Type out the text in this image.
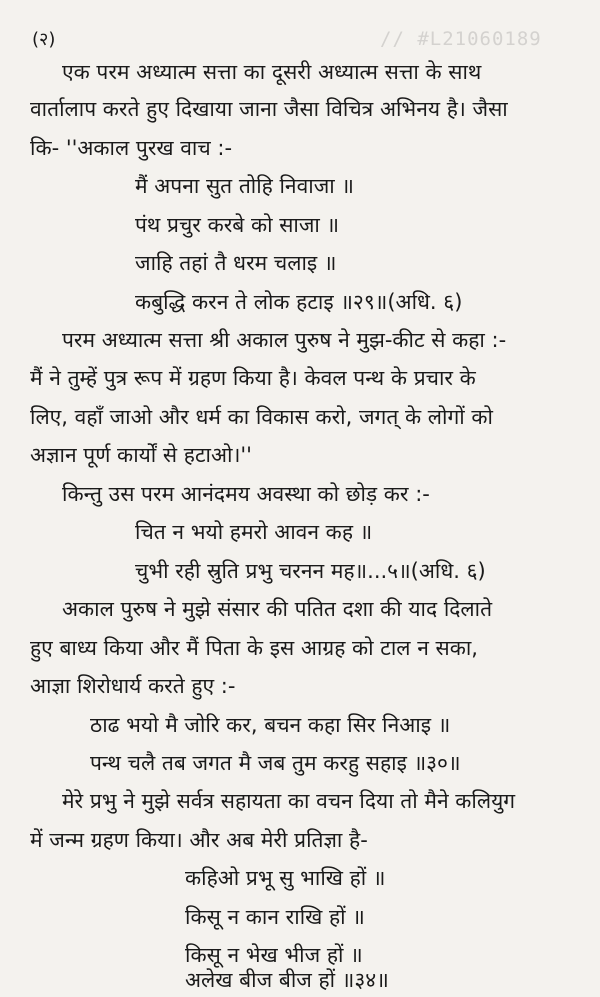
(२)	// #L21060189
एक परम अध्यात्म सत्ता का दूसरी अध्यात्म सत्ता के साथ
वार्तालाप करते हुए दिखाया जाना जैसा विचित्र अभिनय है। जैसा
कि- ''अकाल पुरख वाच :-
मैं अपना सुत तोहि निवाजा ॥
पंथ प्रचुर करबे को साजा ॥
जाहि तहां तै धरम चलाइ ॥
कबुद्धि करन ते लोक हटाइ ॥२९॥(अधि. ६)
परम अध्यात्म सत्ता श्री अकाल पुरुष ने मुझ-कीट से कहा :-
मैं ने तुम्हें पुत्र रूप में ग्रहण किया है। केवल पन्थ के प्रचार के
लिए, वहाँ जाओ और धर्म का विकास करो, जगत् के लोगों को
अज्ञान पूर्ण कार्यों से हटाओ।''
किन्तु उस परम आनंदमय अवस्था को छोड़ कर :-
चित न भयो हमरो आवन कह ॥
चुभी रही स्रुति प्रभु चरनन मह॥...५॥(अधि. ६)
अकाल पुरुष ने मुझे संसार की पतित दशा की याद दिलाते
हुए बाध्य किया और मैं पिता के इस आग्रह को टाल न सका,
आज्ञा शिरोधार्य करते हुए :-
ठाढ भयो मै जोरि कर, बचन कहा सिर निआइ ॥
पन्थ चलै तब जगत मै जब तुम करहु सहाइ ॥३०॥
मेरे प्रभु ने मुझे सर्वत्र सहायता का वचन दिया तो मैने कलियुग
में जन्म ग्रहण किया। और अब मेरी प्रतिज्ञा है-
कहिओ प्रभू सु भाखि हों ॥
किसू न कान राखि हों ॥
किसू न भेख भीज हों ॥
अलेख बीज बीज हों ॥३४॥
